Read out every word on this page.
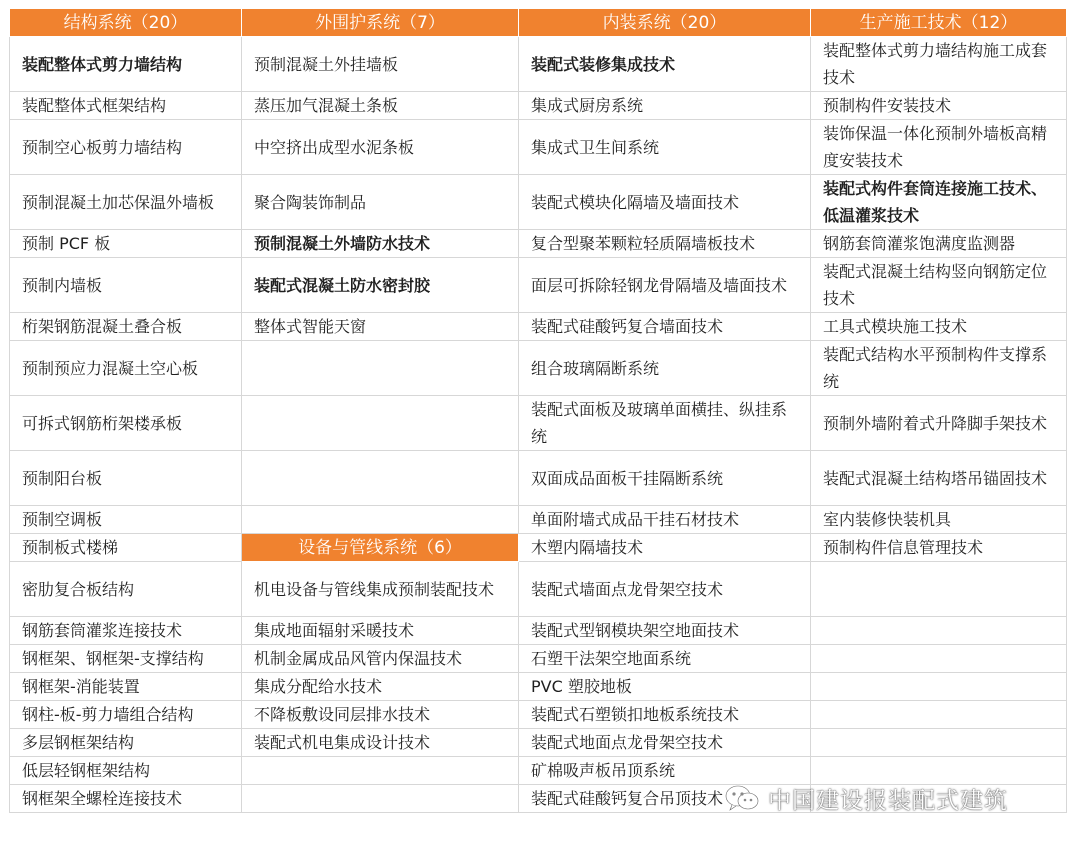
结构系统（20）	外围护系统（7）	内装系统（20）	生产施工技术（12）
装配整体式剪力墙结构	预制混凝土外挂墙板	装配式装修集成技术	装配整体式剪力墙结构施工成套技术
装配整体式框架结构	蒸压加气混凝土条板	集成式厨房系统	预制构件安装技术
预制空心板剪力墙结构	中空挤出成型水泥条板	集成式卫生间系统	装饰保温一体化预制外墙板高精度安装技术
预制混凝土加芯保温外墙板	聚合陶装饰制品	装配式模块化隔墙及墙面技术	装配式构件套筒连接施工技术、低温灌浆技术
预制 PCF 板	预制混凝土外墙防水技术	复合型聚苯颗粒轻质隔墙板技术	钢筋套筒灌浆饱满度监测器
预制内墙板	装配式混凝土防水密封胶	面层可拆除轻钢龙骨隔墙及墙面技术	装配式混凝土结构竖向钢筋定位技术
桁架钢筋混凝土叠合板	整体式智能天窗	装配式硅酸钙复合墙面技术	工具式模块施工技术
预制预应力混凝土空心板		组合玻璃隔断系统	装配式结构水平预制构件支撑系统
可拆式钢筋桁架楼承板		装配式面板及玻璃单面横挂、纵挂系统	预制外墙附着式升降脚手架技术
预制阳台板		双面成品面板干挂隔断系统	装配式混凝土结构塔吊锚固技术
预制空调板		单面附墙式成品干挂石材技术	室内装修快装机具
预制板式楼梯	设备与管线系统（6）	木塑内隔墙技术	预制构件信息管理技术
密肋复合板结构	机电设备与管线集成预制装配技术	装配式墙面点龙骨架空技术	
钢筋套筒灌浆连接技术	集成地面辐射采暖技术	装配式型钢模块架空地面技术	
钢框架、钢框架-支撑结构	机制金属成品风管内保温技术	石塑干法架空地面系统	
钢框架-消能装置	集成分配给水技术	PVC 塑胶地板	
钢柱-板-剪力墙组合结构	不降板敷设同层排水技术	装配式石塑锁扣地板系统技术	
多层钢框架结构	装配式机电集成设计技术	装配式地面点龙骨架空技术	
低层轻钢框架结构		矿棉吸声板吊顶系统	
钢框架全螺栓连接技术		装配式硅酸钙复合吊顶技术	中国建设报装配式建筑
